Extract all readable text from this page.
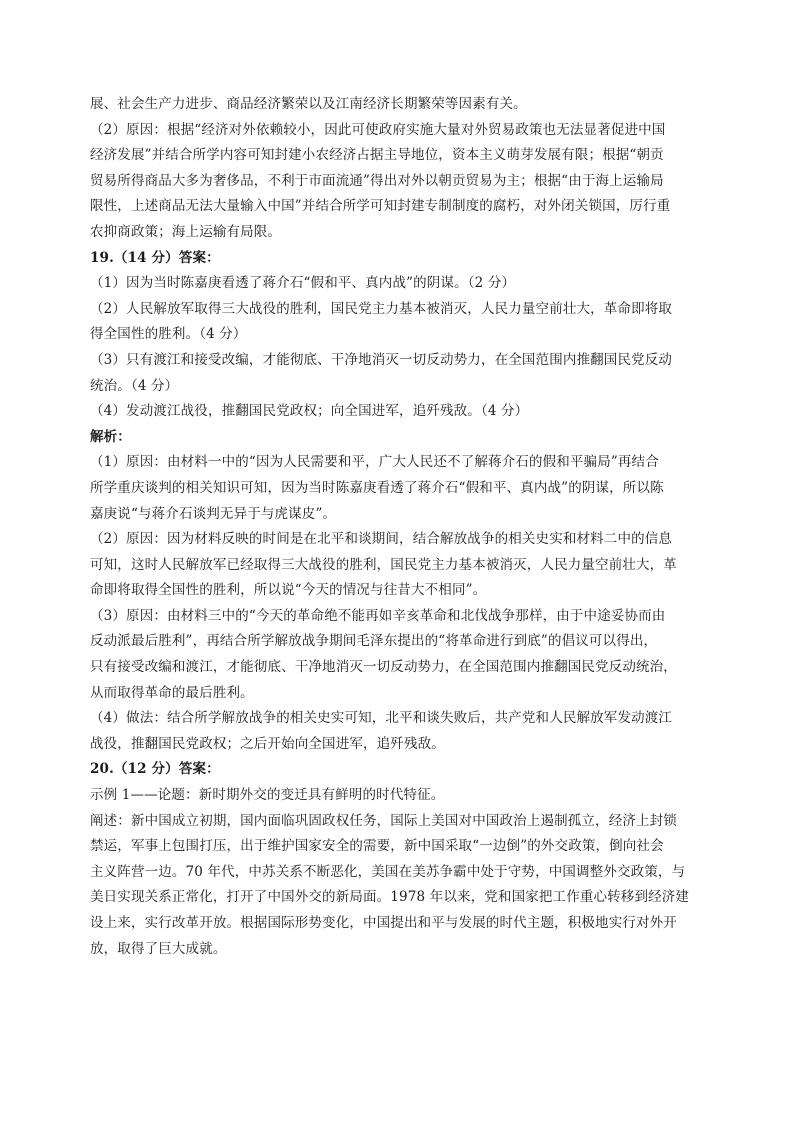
展、社会生产力进步、商品经济繁荣以及江南经济长期繁荣等因素有关。
（2）原因：根据“经济对外依赖较小，因此可使政府实施大量对外贸易政策也无法显著促进中国
经济发展”并结合所学内容可知封建小农经济占据主导地位，资本主义萌芽发展有限；根据“朝贡
贸易所得商品大多为奢侈品，不利于市面流通”得出对外以朝贡贸易为主；根据“由于海上运输局
限性，上述商品无法大量输入中国”并结合所学可知封建专制制度的腐朽，对外闭关锁国，厉行重
农抑商政策；海上运输有局限。
19.（14 分）答案：
（1）因为当时陈嘉庚看透了蒋介石“假和平、真内战”的阴谋。（2 分）
（2）人民解放军取得三大战役的胜利，国民党主力基本被消灭，人民力量空前壮大，革命即将取
得全国性的胜利。（4 分）
（3）只有渡江和接受改编，才能彻底、干净地消灭一切反动势力，在全国范围内推翻国民党反动
统治。（4 分）
（4）发动渡江战役，推翻国民党政权；向全国进军，追歼残敌。（4 分）
解析：
（1）原因：由材料一中的“因为人民需要和平，广大人民还不了解蒋介石的假和平骗局”再结合
所学重庆谈判的相关知识可知，因为当时陈嘉庚看透了蒋介石“假和平、真内战”的阴谋，所以陈
嘉庚说“与蒋介石谈判无异于与虎谋皮”。
（2）原因：因为材料反映的时间是在北平和谈期间，结合解放战争的相关史实和材料二中的信息
可知，这时人民解放军已经取得三大战役的胜利，国民党主力基本被消灭，人民力量空前壮大，革
命即将取得全国性的胜利，所以说“今天的情况与往昔大不相同”。
（3）原因：由材料三中的“今天的革命绝不能再如辛亥革命和北伐战争那样，由于中途妥协而由
反动派最后胜利”，再结合所学解放战争期间毛泽东提出的“将革命进行到底”的倡议可以得出，
只有接受改编和渡江，才能彻底、干净地消灭一切反动势力，在全国范围内推翻国民党反动统治，
从而取得革命的最后胜利。
（4）做法：结合所学解放战争的相关史实可知，北平和谈失败后，共产党和人民解放军发动渡江
战役，推翻国民党政权；之后开始向全国进军，追歼残敌。
20.（12 分）答案：
示例 1——论题：新时期外交的变迁具有鲜明的时代特征。
阐述：新中国成立初期，国内面临巩固政权任务，国际上美国对中国政治上遏制孤立，经济上封锁
禁运，军事上包围打压，出于维护国家安全的需要，新中国采取“一边倒”的外交政策，倒向社会
主义阵营一边。70 年代，中苏关系不断恶化，美国在美苏争霸中处于守势，中国调整外交政策，与
美日实现关系正常化，打开了中国外交的新局面。1978 年以来，党和国家把工作重心转移到经济建
设上来，实行改革开放。根据国际形势变化，中国提出和平与发展的时代主题，积极地实行对外开
放，取得了巨大成就。
